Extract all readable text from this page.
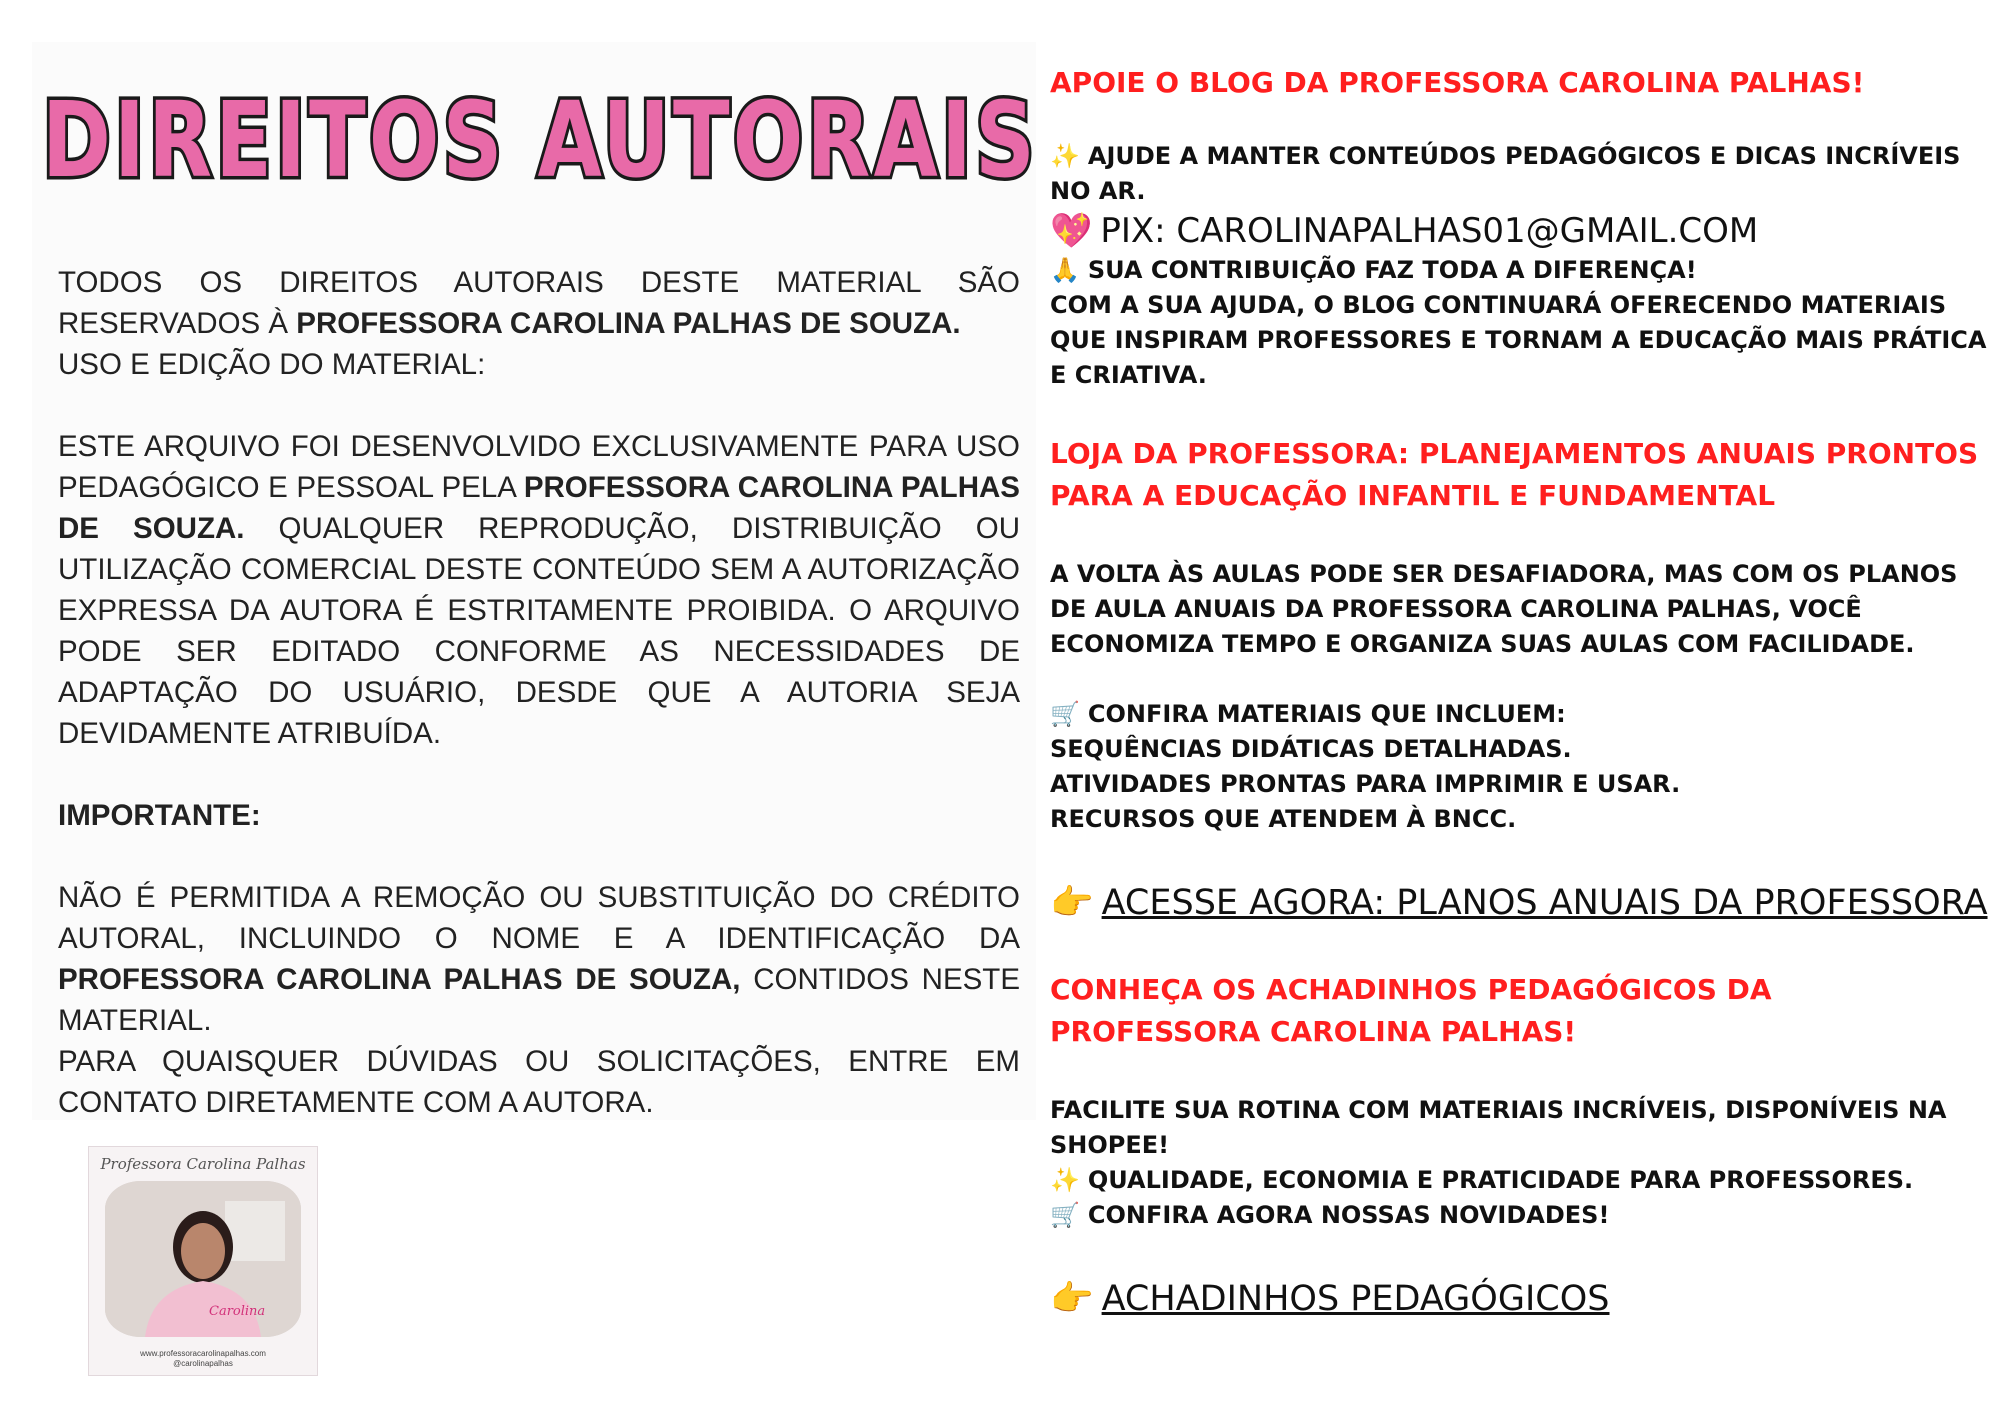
DIREITOS AUTORAIS

TODOS OS DIREITOS AUTORAIS DESTE MATERIAL SÃO RESERVADOS À PROFESSORA CAROLINA PALHAS DE SOUZA.

USO E EDIÇÃO DO MATERIAL:

ESTE ARQUIVO FOI DESENVOLVIDO EXCLUSIVAMENTE PARA USO PEDAGÓGICO E PESSOAL PELA PROFESSORA CAROLINA PALHAS DE SOUZA. QUALQUER REPRODUÇÃO, DISTRIBUIÇÃO OU UTILIZAÇÃO COMERCIAL DESTE CONTEÚDO SEM A AUTORIZAÇÃO EXPRESSA DA AUTORA É ESTRITAMENTE PROIBIDA. O ARQUIVO PODE SER EDITADO CONFORME AS NECESSIDADES DE ADAPTAÇÃO DO USUÁRIO, DESDE QUE A AUTORIA SEJA DEVIDAMENTE ATRIBUÍDA.

IMPORTANTE:

NÃO É PERMITIDA A REMOÇÃO OU SUBSTITUIÇÃO DO CRÉDITO AUTORAL, INCLUINDO O NOME E A IDENTIFICAÇÃO DA PROFESSORA CAROLINA PALHAS DE SOUZA, CONTIDOS NESTE MATERIAL.

PARA QUAISQUER DÚVIDAS OU SOLICITAÇÕES, ENTRE EM CONTATO DIRETAMENTE COM A AUTORA.

Professora Carolina Palhas
Carolina
www.professoracarolinapalhas.com
@carolinapalhas

APOIE O BLOG DA PROFESSORA CAROLINA PALHAS!

✨ AJUDE A MANTER CONTEÚDOS PEDAGÓGICOS E DICAS INCRÍVEIS NO AR.

💖 PIX: CAROLINAPALHAS01@GMAIL.COM

🙏 SUA CONTRIBUIÇÃO FAZ TODA A DIFERENÇA!

COM A SUA AJUDA, O BLOG CONTINUARÁ OFERECENDO MATERIAIS QUE INSPIRAM PROFESSORES E TORNAM A EDUCAÇÃO MAIS PRÁTICA E CRIATIVA.

LOJA DA PROFESSORA: PLANEJAMENTOS ANUAIS PRONTOS PARA A EDUCAÇÃO INFANTIL E FUNDAMENTAL

A VOLTA ÀS AULAS PODE SER DESAFIADORA, MAS COM OS PLANOS DE AULA ANUAIS DA PROFESSORA CAROLINA PALHAS, VOCÊ ECONOMIZA TEMPO E ORGANIZA SUAS AULAS COM FACILIDADE.

🛒 CONFIRA MATERIAIS QUE INCLUEM:

SEQUÊNCIAS DIDÁTICAS DETALHADAS.

ATIVIDADES PRONTAS PARA IMPRIMIR E USAR.

RECURSOS QUE ATENDEM À BNCC.

👉 ACESSE AGORA: PLANOS ANUAIS DA PROFESSORA

CONHEÇA OS ACHADINHOS PEDAGÓGICOS DA PROFESSORA CAROLINA PALHAS!

FACILITE SUA ROTINA COM MATERIAIS INCRÍVEIS, DISPONÍVEIS NA SHOPEE!

✨ QUALIDADE, ECONOMIA E PRATICIDADE PARA PROFESSORES.

🛒 CONFIRA AGORA NOSSAS NOVIDADES!

👉 ACHADINHOS PEDAGÓGICOS
